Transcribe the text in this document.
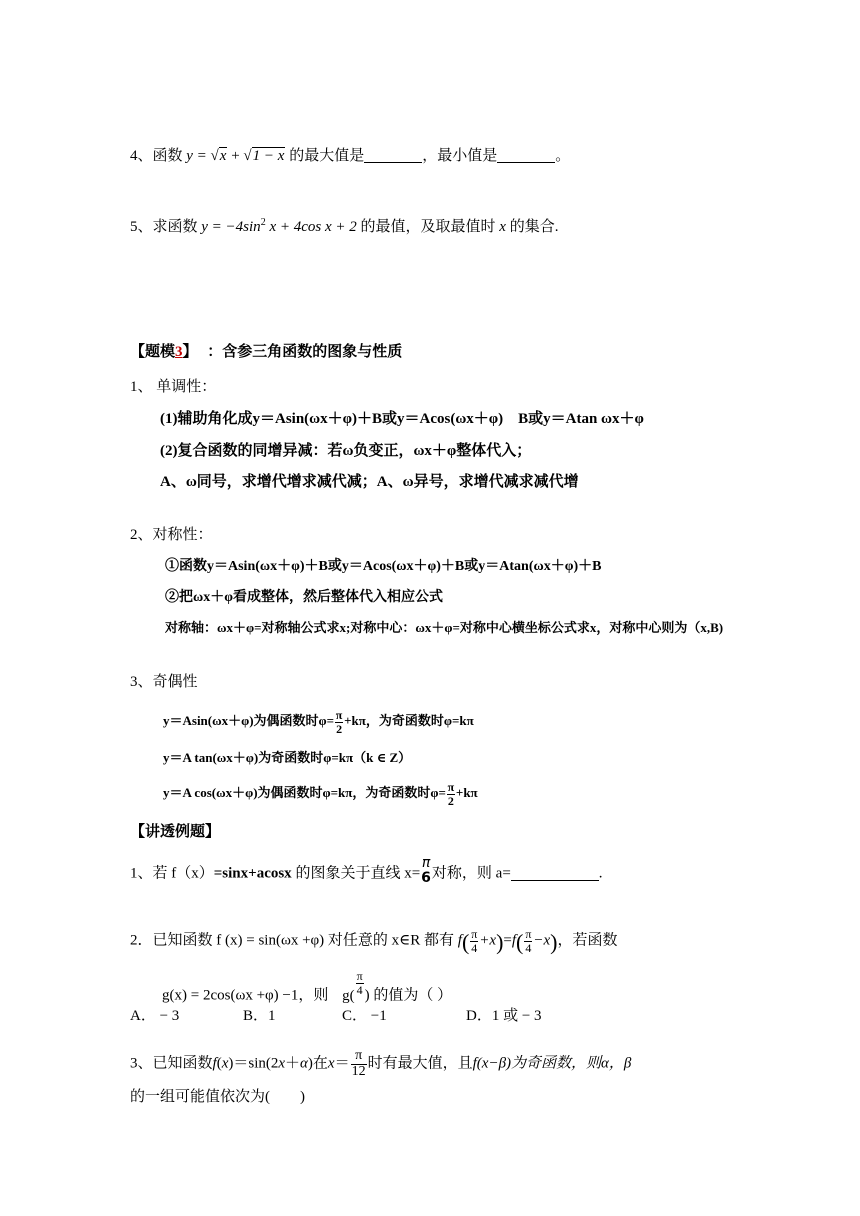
4、函数 y = √x + √1 − x 的最大值是	，最小值是	。
5、求函数 $y = -4\sin^2$ x + 4cos x + 2 的最值，及取最值时 x 的集合.
【题模3】 ：含参三角函数的图象与性质
1、 单调性：
(1)辅助角化成y＝Asin(ωx＋φ)＋B或y＝Acos(ωx＋φ)　B或y＝Atan ωx＋φ
(2)复合函数的同增异减：若ω负变正，ωx＋φ整体代入；
A、ω同号，求增代增求减代减；A、ω异号，求增代减求减代增
2、对称性：
①函数y＝Asin(ωx＋φ)＋B或y＝Acos(ωx＋φ)＋B或y＝Atan(ωx＋φ)＋B
②把ωx＋φ看成整体，然后整体代入相应公式
对称轴：ωx＋φ=对称轴公式求x;对称中心：ωx＋φ=对称中心横坐标公式求x，对称中心则为（x,B)
3、奇偶性
y＝Asin(ωx＋φ)为偶函数时$\varphi= \frac{\pi}{2} +k\pi$，为奇函数时φ=kπ
y＝A tan(ωx＋φ)为奇函数时φ=kπ（k ∈ Z）
y＝A cos(ωx＋φ)为偶函数时φ=kπ，为奇函数时$\varphi= \frac{\pi}{2} +k\pi$
【讲透例题】
1、若 f（x）=sinx+acosx 的图象关于直线 x=
π
6 对称，则 a=	.
2．已知函数 f (x) = sin(ωx +φ) 对任意的 x∈R 都有 $f( \frac{\pi}{4} +x)=f( \frac{\pi}{4} -x)$，若函数
g(x) = 2cos(ωx +φ) −1，则 $g( \frac{\pi}{4}$ ) 的值为（ ）
A． − 3	B．1	C． −1	D．1 或 − 3
3、已知函数f(x)＝sin(2x＋α)在$x= \frac{\pi}{12}$ 时有最大值，且f(x−β)为奇函数，则α，β
的一组可能值依次为(　　)
